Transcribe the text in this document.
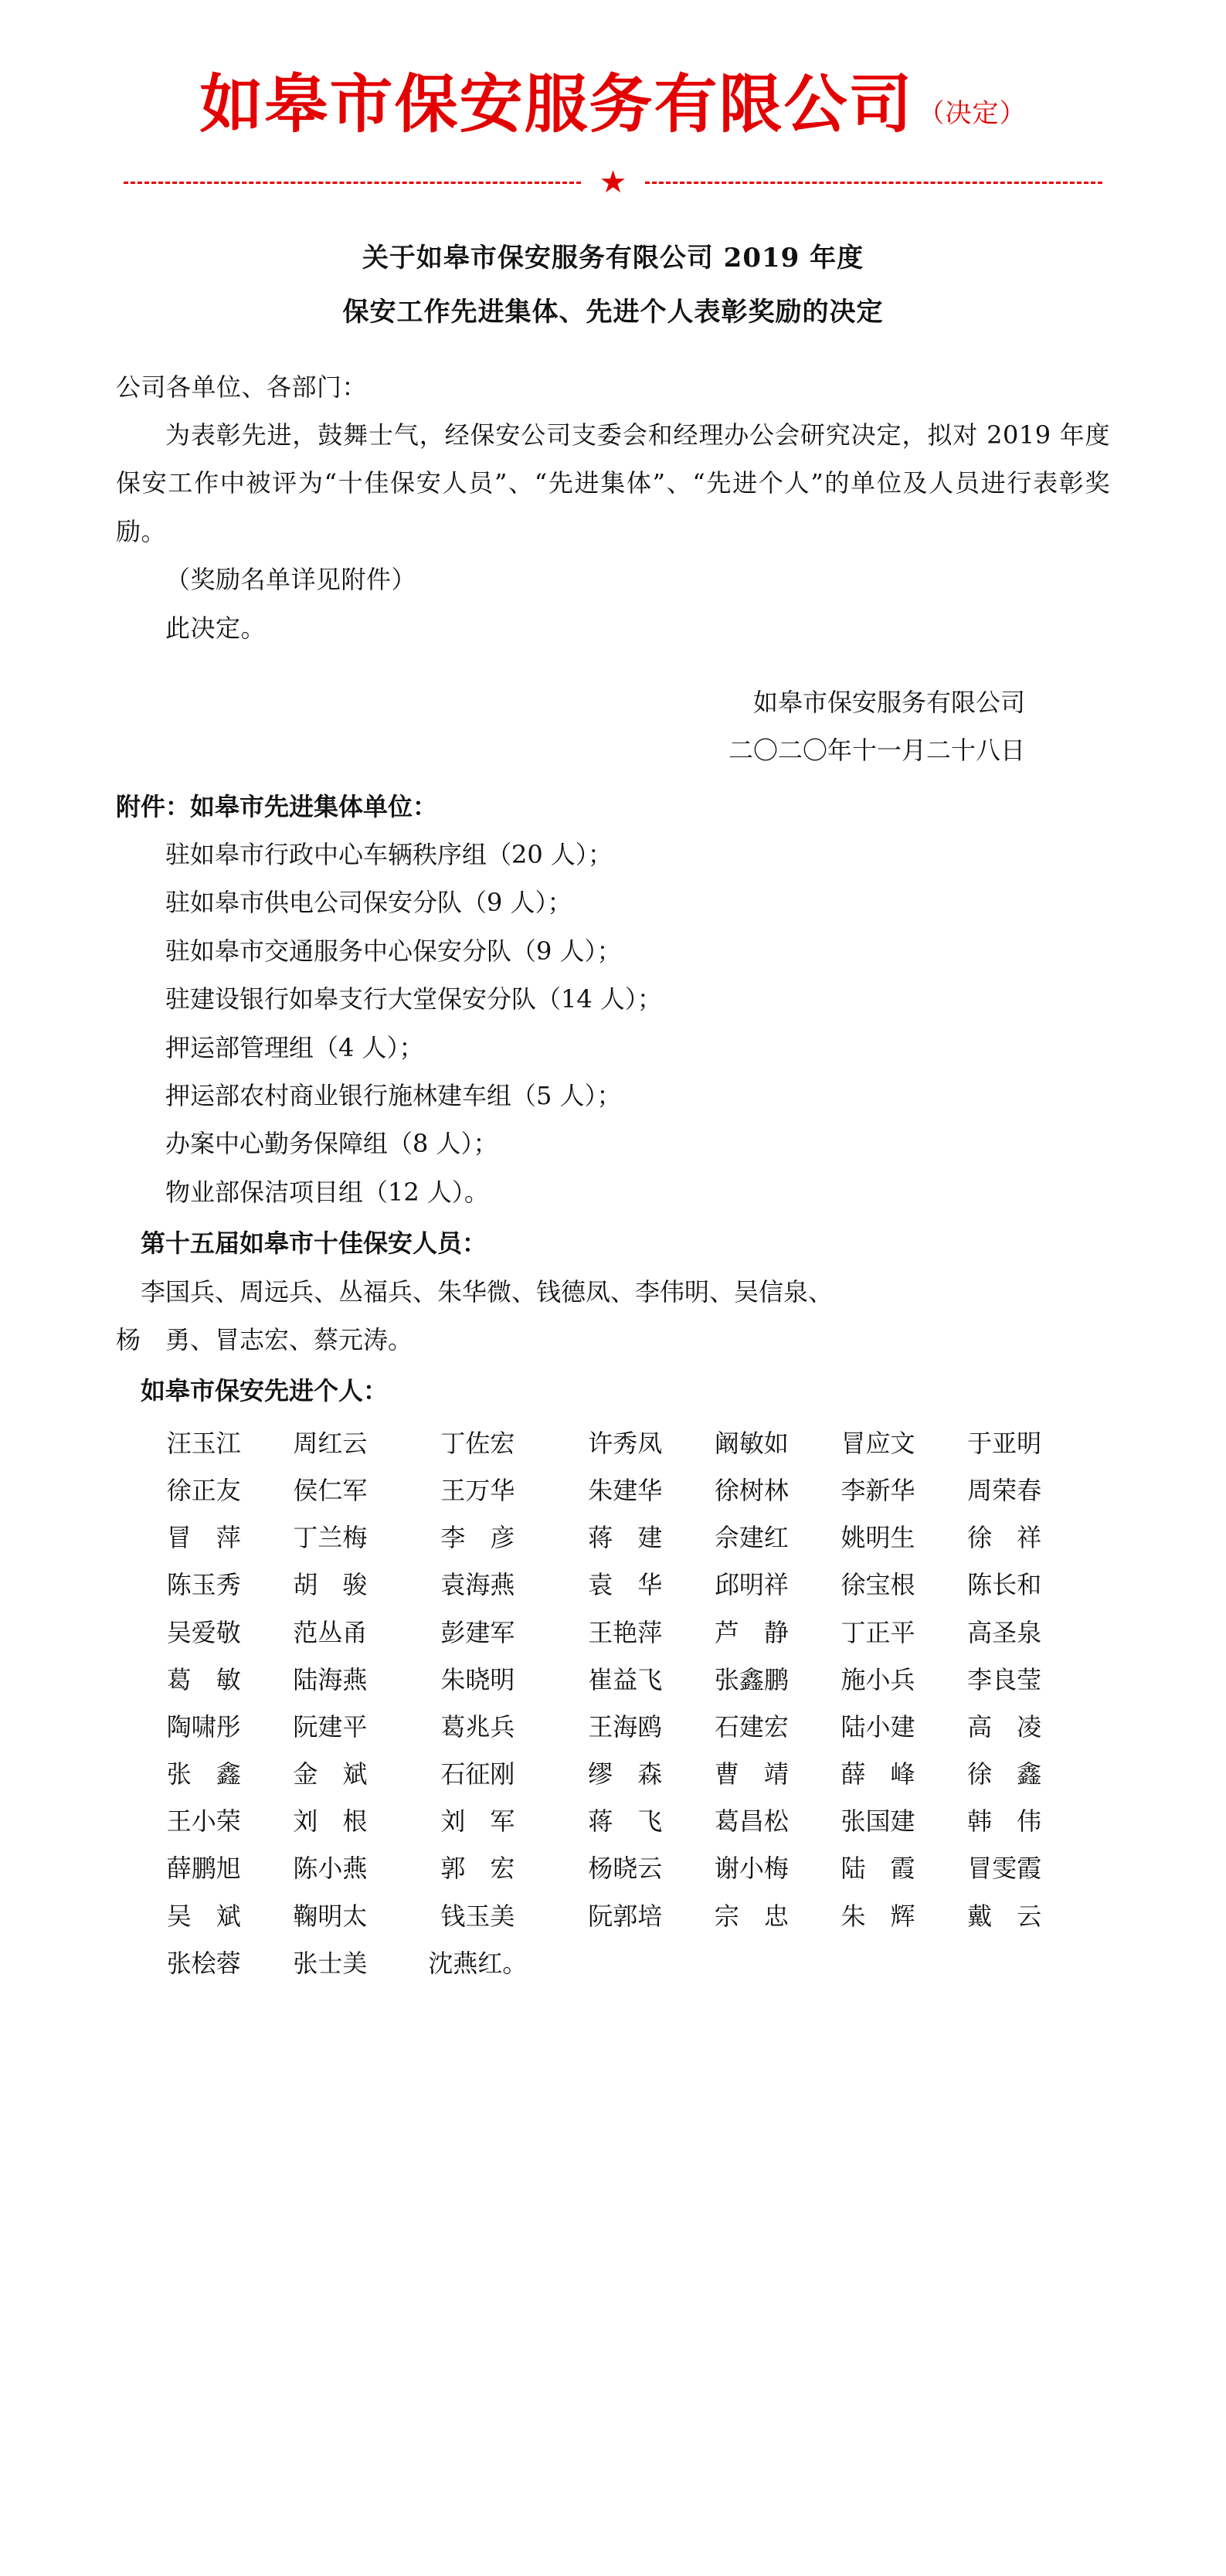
如皋市保安服务有限公司 （决定）
★
关于如皋市保安服务有限公司 2019 年度
保安工作先进集体、先进个人表彰奖励的决定

公司各单位、各部门：

为表彰先进，鼓舞士气，经保安公司支委会和经理办公会研究决定，拟对 2019 年度保安工作中被评为“十佳保安人员”、“先进集体”、“先进个人”的单位及人员进行表彰奖励。

（奖励名单详见附件）

此决定。

如皋市保安服务有限公司
二〇二〇年十一月二十八日

附件：如皋市先进集体单位：

驻如皋市行政中心车辆秩序组（20 人）；

驻如皋市供电公司保安分队（9 人）；

驻如皋市交通服务中心保安分队（9 人）；

驻建设银行如皋支行大堂保安分队（14 人）；

押运部管理组（4 人）；

押运部农村商业银行施林建车组（5 人）；

办案中心勤务保障组（8 人）；

物业部保洁项目组（12 人）。

第十五届如皋市十佳保安人员：

李国兵、周远兵、丛福兵、朱华微、钱德凤、李伟明、吴信泉、

杨　勇、冒志宏、蔡元涛。

如皋市保安先进个人：

汪玉江	周红云	丁佐宏	许秀凤	阚敏如	冒应文	于亚明
徐正友	侯仁军	王万华	朱建华	徐树林	李新华	周荣春
冒　萍	丁兰梅	李　彦	蒋　建	佘建红	姚明生	徐　祥
陈玉秀	胡　骏	袁海燕	袁　华	邱明祥	徐宝根	陈长和
吴爱敬	范丛甬	彭建军	王艳萍	芦　静	丁正平	高圣泉
葛　敏	陆海燕	朱晓明	崔益飞	张鑫鹏	施小兵	李良莹
陶啸彤	阮建平	葛兆兵	王海鸥	石建宏	陆小建	高　凌
张　鑫	金　斌	石征刚	缪　森	曹　靖	薛　峰	徐　鑫
王小荣	刘　根	刘　军	蒋　飞	葛昌松	张国建	韩　伟
薛鹏旭	陈小燕	郭　宏	杨晓云	谢小梅	陆　霞	冒雯霞
吴　斌	鞠明太	钱玉美	阮郭培	宗　忠	朱　辉	戴　云
张桧蓉	张士美	沈燕红。				
